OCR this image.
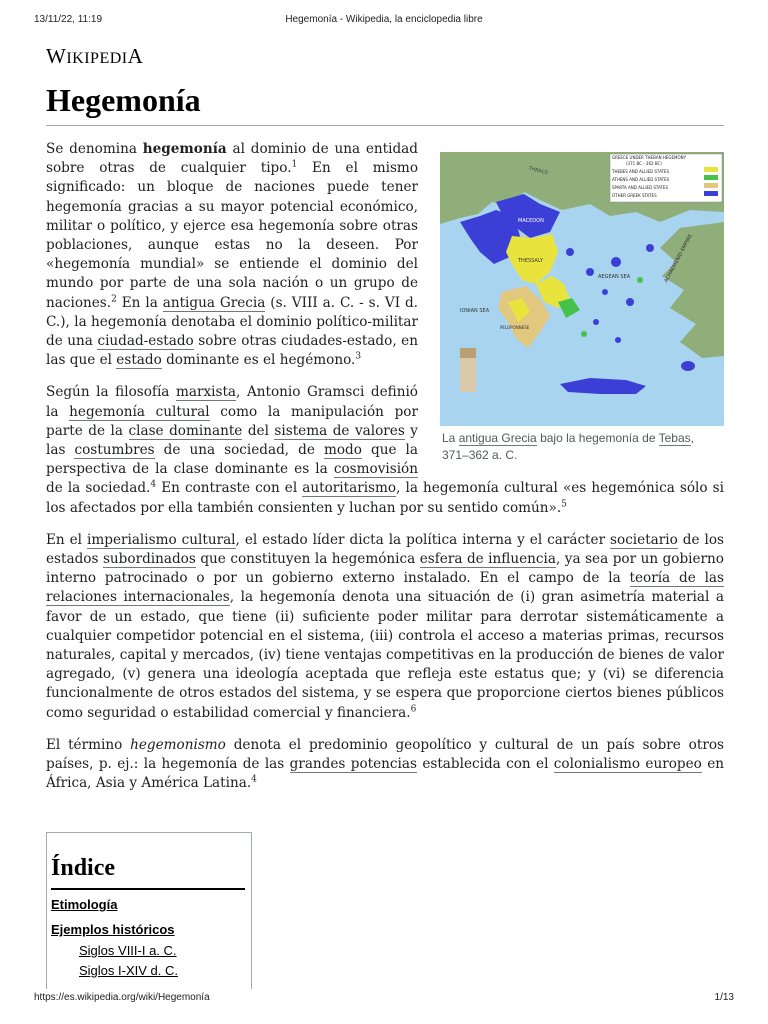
13/11/22, 11:19	Hegemonía - Wikipedia, la enciclopedia libre
WIKIPEDIA
Hegemonía
GREECE UNDER THEBAN HEGEMONY
(371 BC - 362 BC)
THEBES AND ALLIED STATES
ATHENS AND ALLIED STATES
SPARTA AND ALLIED STATES
OTHER GREEK STATES
THRACE
MACEDON
THESSALY
AEGEAN SEA
IONIAN SEA
PELOPONNESE
ACHAEMENID EMPIRE
La antigua Grecia bajo la hegemonía de Tebas, 371–362 a. C.

Se denomina hegemonía al dominio de una entidad sobre otras de cualquier tipo.$^1$ En el mismo significado: un bloque de naciones puede tener hegemonía gracias a su mayor potencial económico, militar o político, y ejerce esa hegemonía sobre otras poblaciones, aunque estas no la deseen. Por «hegemonía mundial» se entiende el dominio del mundo por parte de una sola nación o un grupo de naciones.$^2$ En la antigua Grecia (s. VIII a. C. - s. VI d. C.), la hegemonía denotaba el dominio político-militar de una ciudad-estado sobre otras ciudades-estado, en las que el estado dominante es el hegémono.$^3$

Según la filosofía marxista, Antonio Gramsci definió la hegemonía cultural como la manipulación por parte de la clase dominante del sistema de valores y las costumbres de una sociedad, de modo que la perspectiva de la clase dominante es la cosmovisión de la sociedad.$^4$ En contraste con el autoritarismo, la hegemonía cultural «es hegemónica sólo si los afectados por ella también consienten y luchan por su sentido común».$^5$

En el imperialismo cultural, el estado líder dicta la política interna y el carácter societario de los estados subordinados que constituyen la hegemónica esfera de influencia, ya sea por un gobierno interno patrocinado o por un gobierno externo instalado. En el campo de la teoría de las relaciones internacionales, la hegemonía denota una situación de (i) gran asimetría material a favor de un estado, que tiene (ii) suficiente poder militar para derrotar sistemáticamente a cualquier competidor potencial en el sistema, (iii) controla el acceso a materias primas, recursos naturales, capital y mercados, (iv) tiene ventajas competitivas en la producción de bienes de valor agregado, (v) genera una ideología aceptada que refleja este estatus que; y (vi) se diferencia funcionalmente de otros estados del sistema, y se espera que proporcione ciertos bienes públicos como seguridad o estabilidad comercial y financiera.$^6$

El término hegemonismo denota el predominio geopolítico y cultural de un país sobre otros países, p. ej.: la hegemonía de las grandes potencias establecida con el colonialismo europeo en África, Asia y América Latina.$^4$

Índice
Etimología
Ejemplos históricos
Siglos VIII-I a. C.
Siglos I-XIV d. C.
https://es.wikipedia.org/wiki/Hegemonía	1/13
